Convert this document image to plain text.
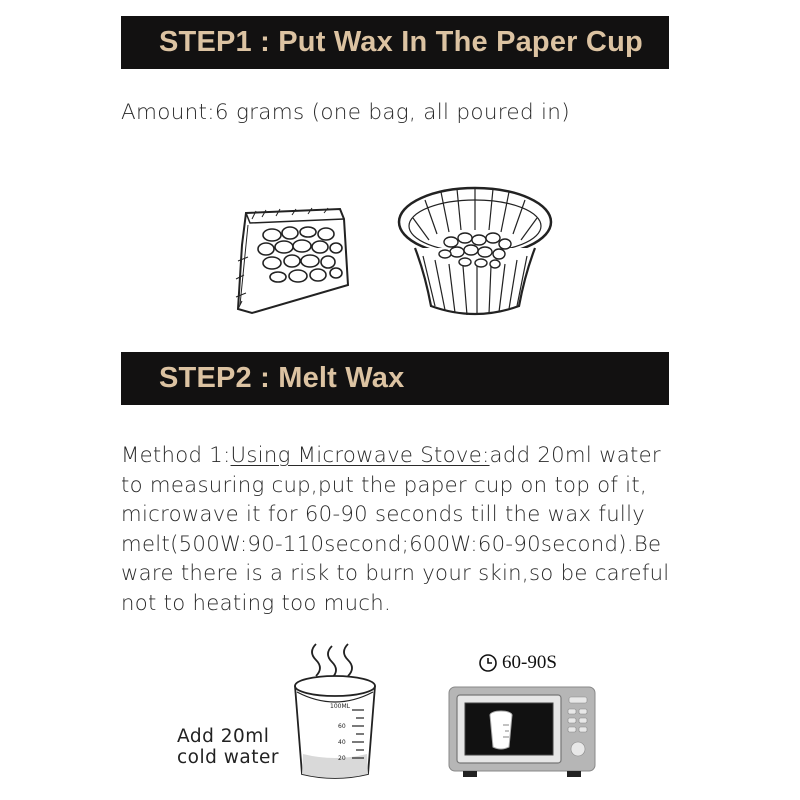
STEP1 : Put Wax In The Paper Cup
Amount:6 grams (one bag, all poured in)
STEP2 : Melt Wax
Method 1:Using Microwave Stove:add 20ml water
to measuring cup,put the paper cup on top of it,
microwave it for 60-90 seconds till the wax fully
melt(500W:90-110second;600W:60-90second).Be
ware there is a risk to burn your skin,so be careful
not to heating too much.
100ML
60
40
20
Add 20ml
cold water
60-90S
